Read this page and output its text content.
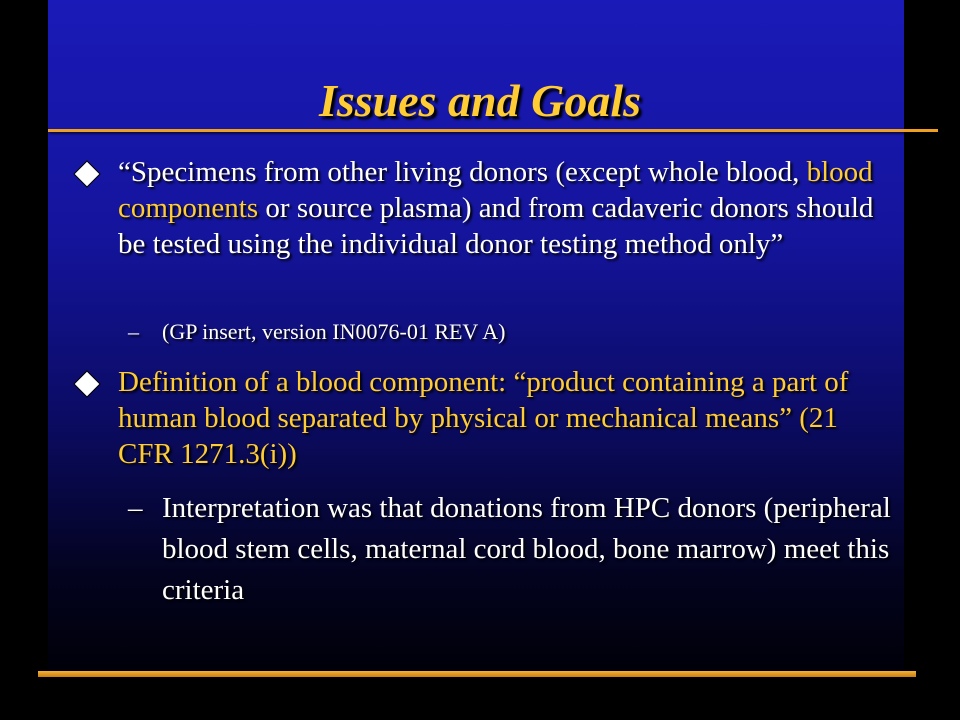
Issues and Goals
“Specimens from other living donors (except whole blood, blood components or source plasma) and from cadaveric donors should be tested using the individual donor testing method only”
– (GP insert, version IN0076-01 REV A)
Definition of a blood component: “product containing a part of human blood separated by physical or mechanical means” (21 CFR 1271.3(i))
– Interpretation was that donations from HPC donors (peripheral blood stem cells, maternal cord blood, bone marrow) meet this criteria
